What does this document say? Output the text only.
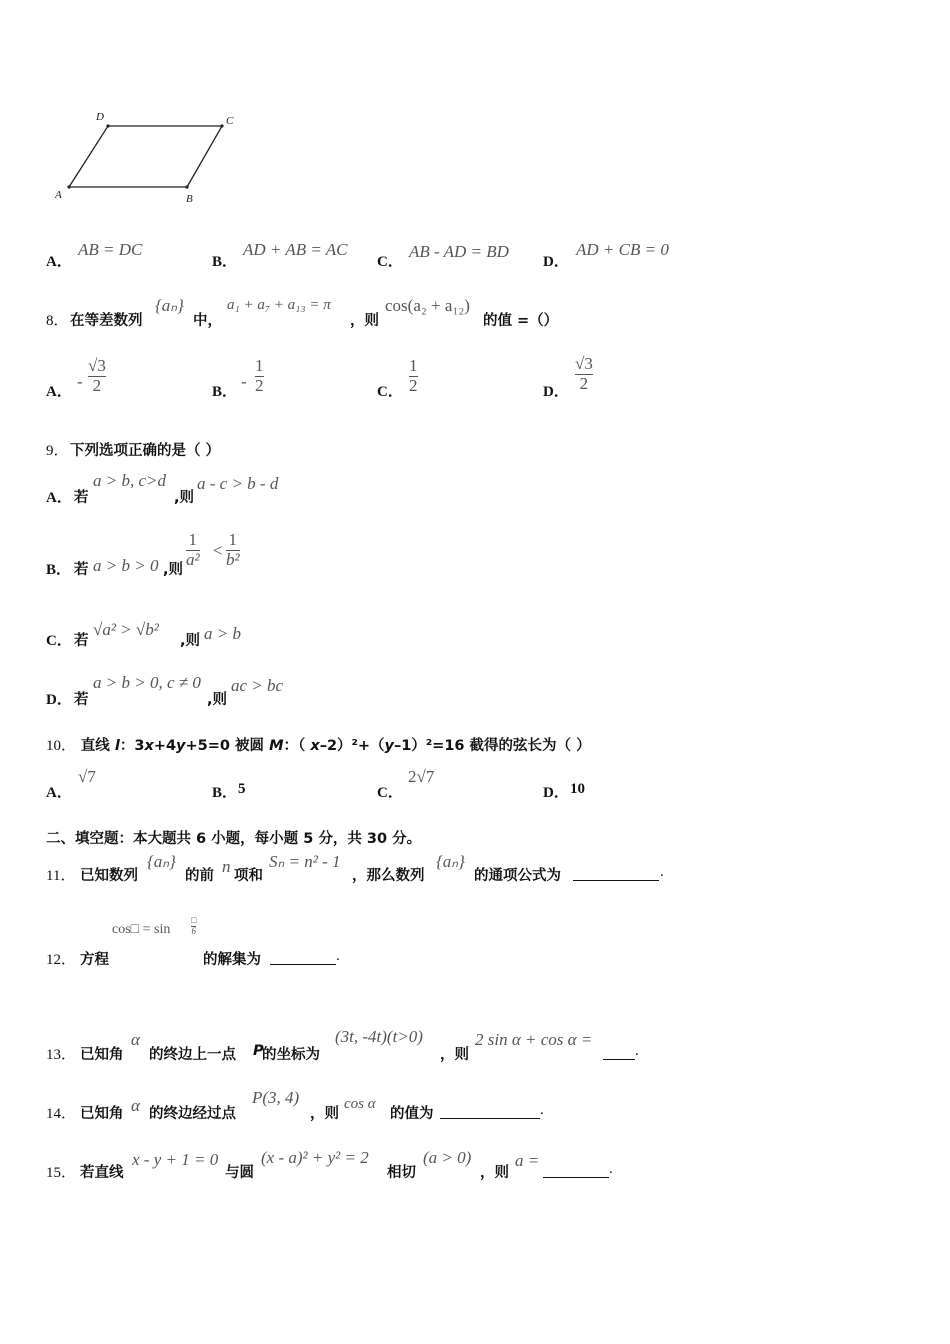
A	B
C
D
A．
AB = DC
B．
AD + AB = AC
C．
AB - AD = BD
D．
AD + CB = 0
8． 在等差数列
{aₙ}
中，
a₁ + a₇ + a₁₃ = π
，则
cos(a₂ + a₁₂)
的值 =（）
A．
-
√3
2	B．
-
1
2	C．
1
2	D．
√3
2
9． 下列选项正确的是（ ）
A． 若
a > b, c>d
,则
a - c > b - d
B． 若 a > b > 0 ,则
1
a² <
1
b²
C． 若
√a² > √b²
,则 a > b
D． 若
a > b > 0, c ≠ 0
,则
ac > bc
10． 直线 l：3x+4y+5=0 被圆 M：（ x–2）²+（y–1）²=16 截得的弦长为（ ）
A．
√7
B． 5	C．
2√7
D． 10
二、填空题：本大题共 6 小题，每小题 5 分，共 30 分。
11． 已知数列
{aₙ}
的前 n 项和
Sₙ = n² - 1
，那么数列
{aₙ}
的通项公式为	.
12． 方程
cos□ = sin
□
6
的解集为	.
13． 已知角
α
的终边上一点 P
的坐标为
(3t, -4t)(t>0)
，则
2 sin α + cos α =
.
14． 已知角 α 的终边经过点
P(3, 4)
，则
cos α
的值为	.
15． 若直线
x - y + 1 = 0
与圆
(x - a)² + y² = 2
相切
(a > 0)
，则
a =	.
